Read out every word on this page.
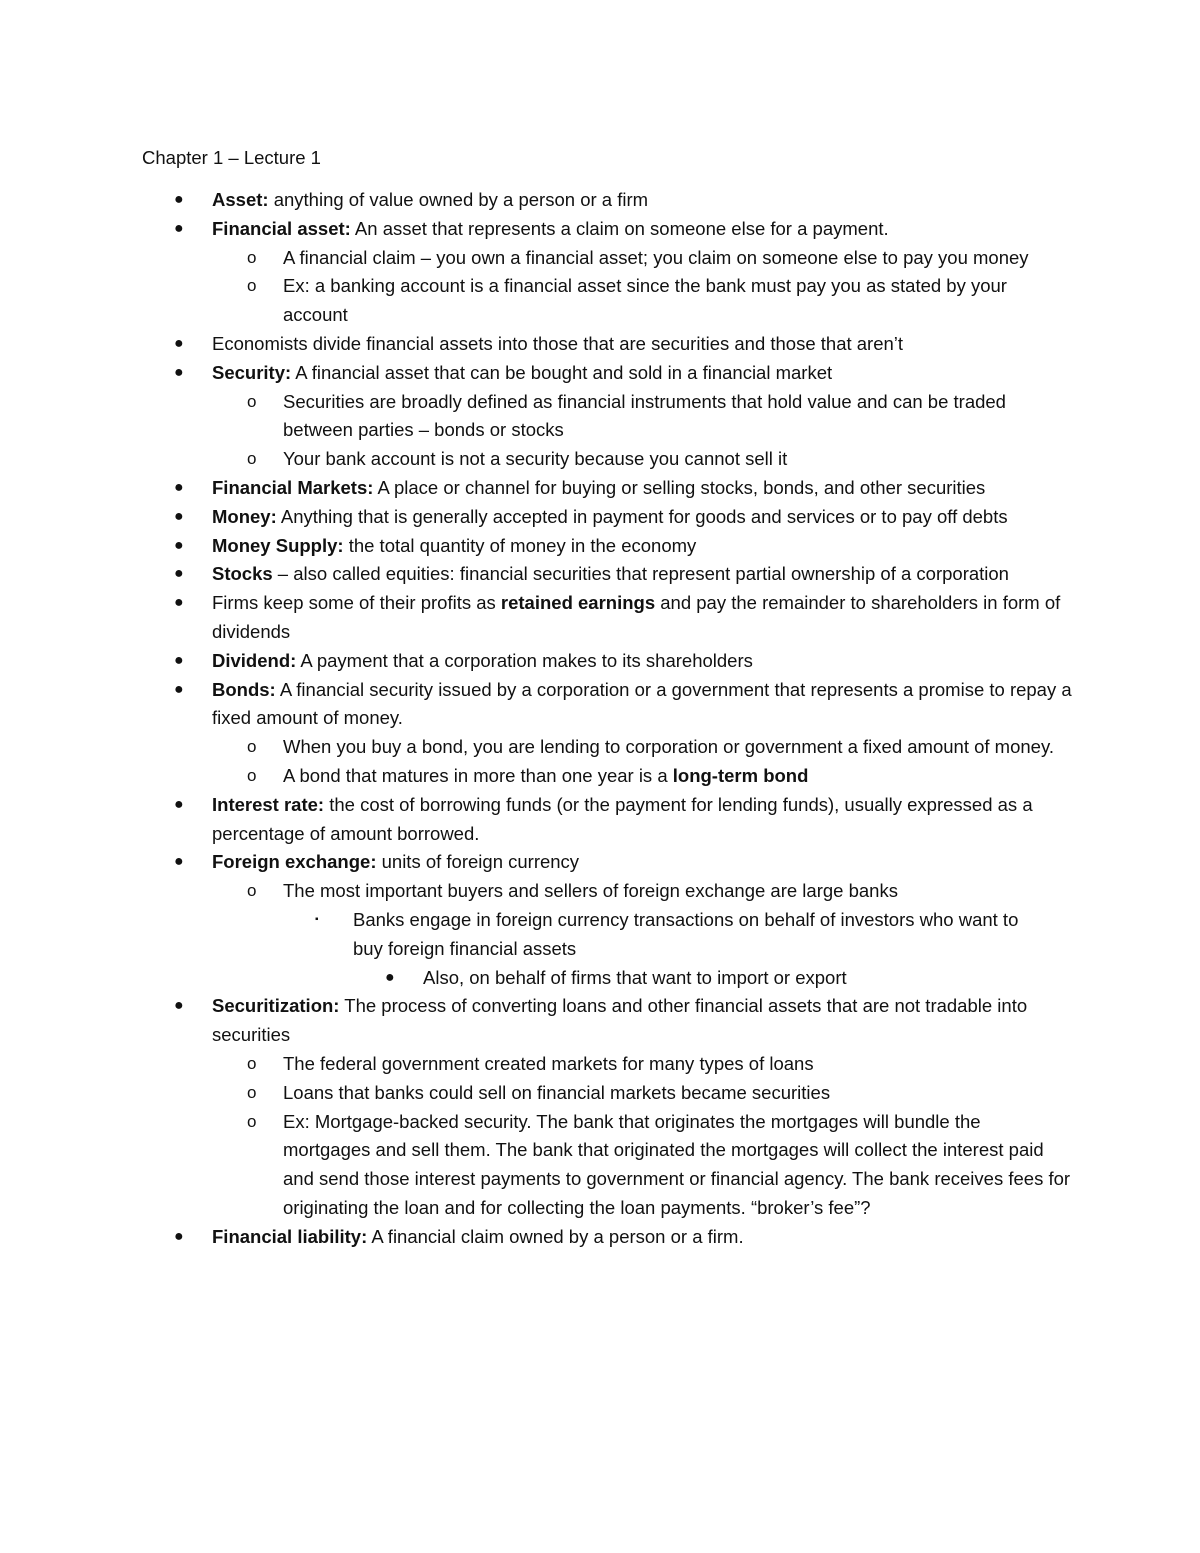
Chapter 1 – Lecture 1
● Asset: anything of value owned by a person or a firm
● Financial asset: An asset that represents a claim on someone else for a payment.
o A financial claim – you own a financial asset; you claim on someone else to pay you money
o Ex: a banking account is a financial asset since the bank must pay you as stated by your account
● Economists divide financial assets into those that are securities and those that aren’t
● Security: A financial asset that can be bought and sold in a financial market
o Securities are broadly defined as financial instruments that hold value and can be traded between parties – bonds or stocks
o Your bank account is not a security because you cannot sell it
● Financial Markets: A place or channel for buying or selling stocks, bonds, and other securities
● Money: Anything that is generally accepted in payment for goods and services or to pay off debts
● Money Supply: the total quantity of money in the economy
● Stocks – also called equities: financial securities that represent partial ownership of a corporation
● Firms keep some of their profits as retained earnings and pay the remainder to shareholders in form of dividends
● Dividend: A payment that a corporation makes to its shareholders
● Bonds: A financial security issued by a corporation or a government that represents a promise to repay a fixed amount of money.
o When you buy a bond, you are lending to corporation or government a fixed amount of money.
o A bond that matures in more than one year is a long-term bond
● Interest rate: the cost of borrowing funds (or the payment for lending funds), usually expressed as a percentage of amount borrowed.
● Foreign exchange: units of foreign currency
o The most important buyers and sellers of foreign exchange are large banks
▪ Banks engage in foreign currency transactions on behalf of investors who want to buy foreign financial assets
● Also, on behalf of firms that want to import or export
● Securitization: The process of converting loans and other financial assets that are not tradable into securities
o The federal government created markets for many types of loans
o Loans that banks could sell on financial markets became securities
o Ex: Mortgage-backed security. The bank that originates the mortgages will bundle the mortgages and sell them. The bank that originated the mortgages will collect the interest paid and send those interest payments to government or financial agency. The bank receives fees for originating the loan and for collecting the loan payments. “broker’s fee”?
● Financial liability: A financial claim owned by a person or a firm.
